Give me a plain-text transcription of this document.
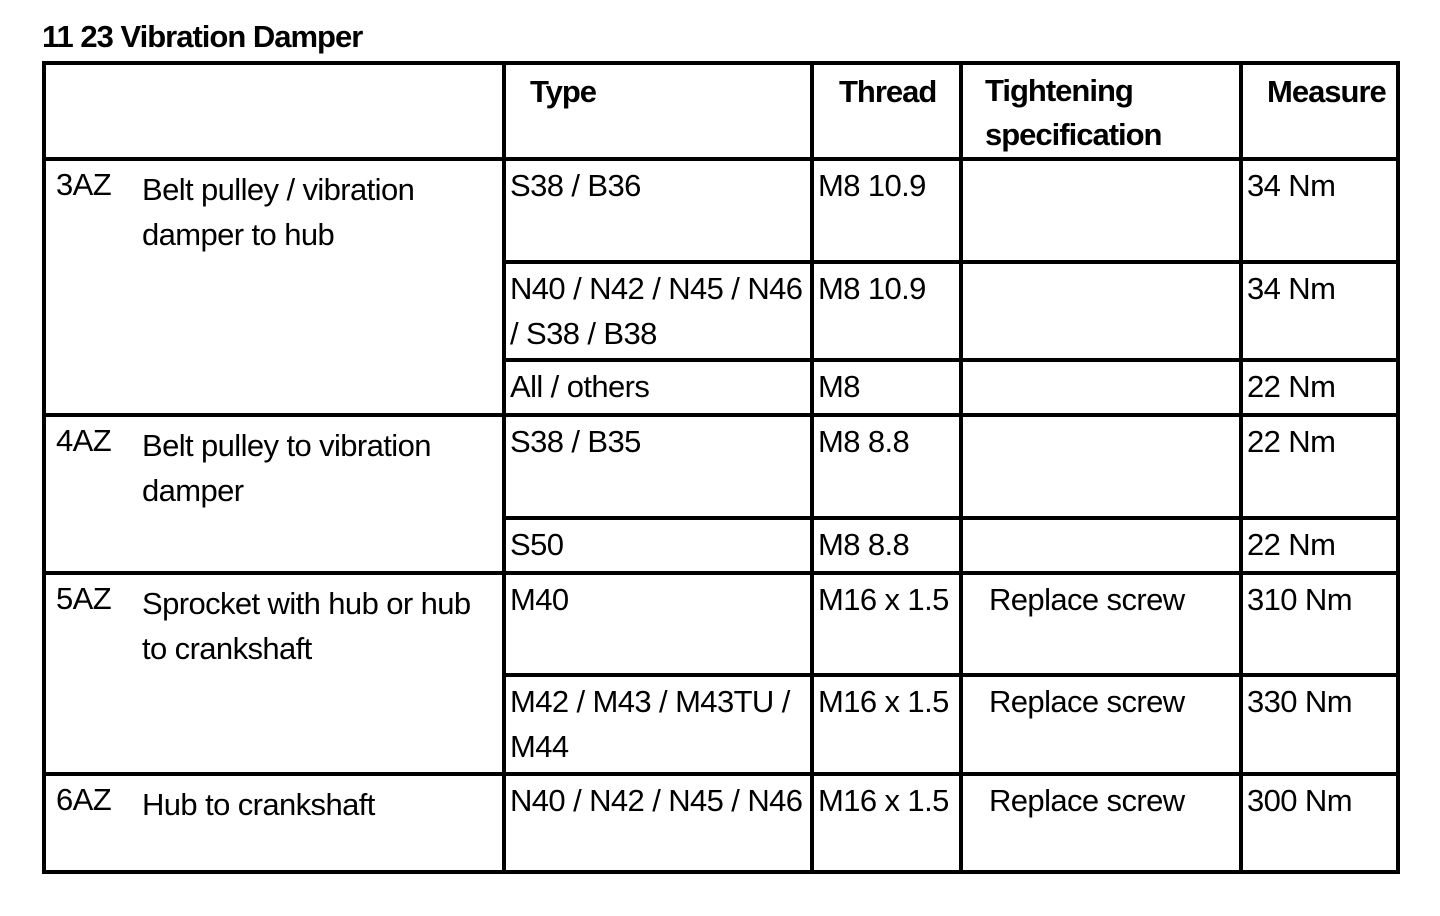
11 23 Vibration Damper
	Type	Thread	Tightening specification	Measure

3AZ Belt pulley / vibration damper to hub	S38 / B36	M8 10.9		34 Nm
	N40 / N42 / N45 / N46 / S38 / B38	M8 10.9		34 Nm
	All / others	M8		22 Nm

4AZ Belt pulley to vibration damper	S38 / B35	M8 8.8		22 Nm
	S50	M8 8.8		22 Nm

5AZ Sprocket with hub or hub to crankshaft	M40	M16 x 1.5	Replace screw	310 Nm
	M42 / M43 / M43TU / M44	M16 x 1.5	Replace screw	330 Nm

6AZ Hub to crankshaft	N40 / N42 / N45 / N46	M16 x 1.5	Replace screw	300 Nm
